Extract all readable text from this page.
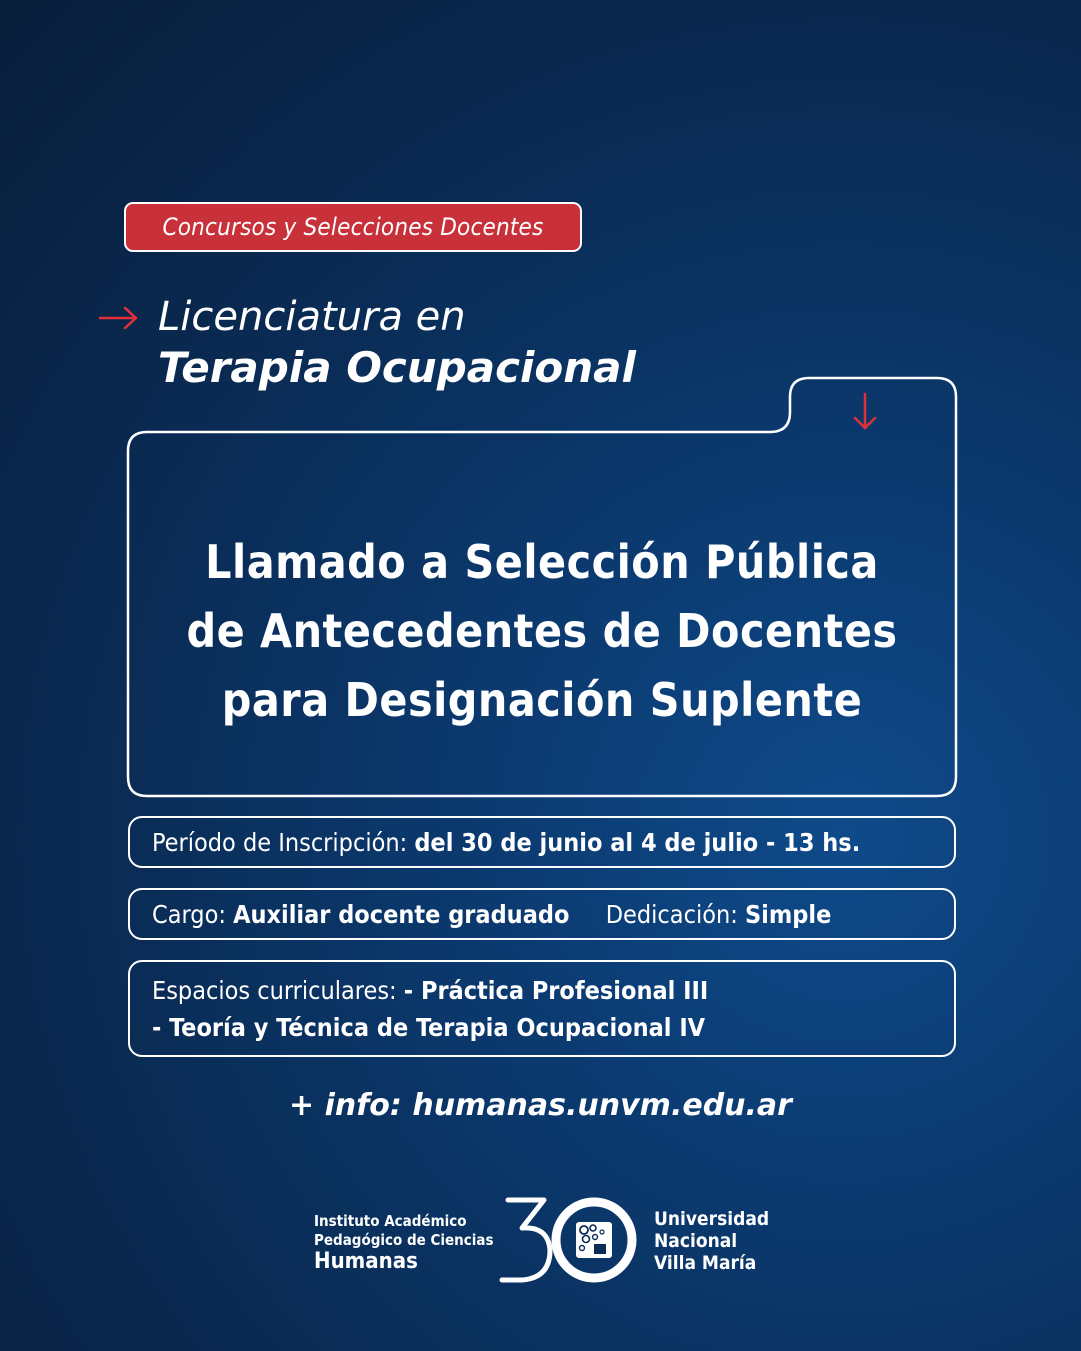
Concursos y Selecciones Docentes
Licenciatura en
Terapia Ocupacional
Llamado a Selección Pública
de Antecedentes de Docentes
para Designación Suplente
Período de Inscripción: del 30 de junio al 4 de julio - 13 hs.
Cargo: Auxiliar docente graduado Dedicación: Simple
Espacios curriculares: - Práctica Profesional III
- Teoría y Técnica de Terapia Ocupacional IV
+ info: humanas.unvm.edu.ar
Instituto Académico
Pedagógico de Ciencias
Humanas
Universidad
Nacional
Villa María
